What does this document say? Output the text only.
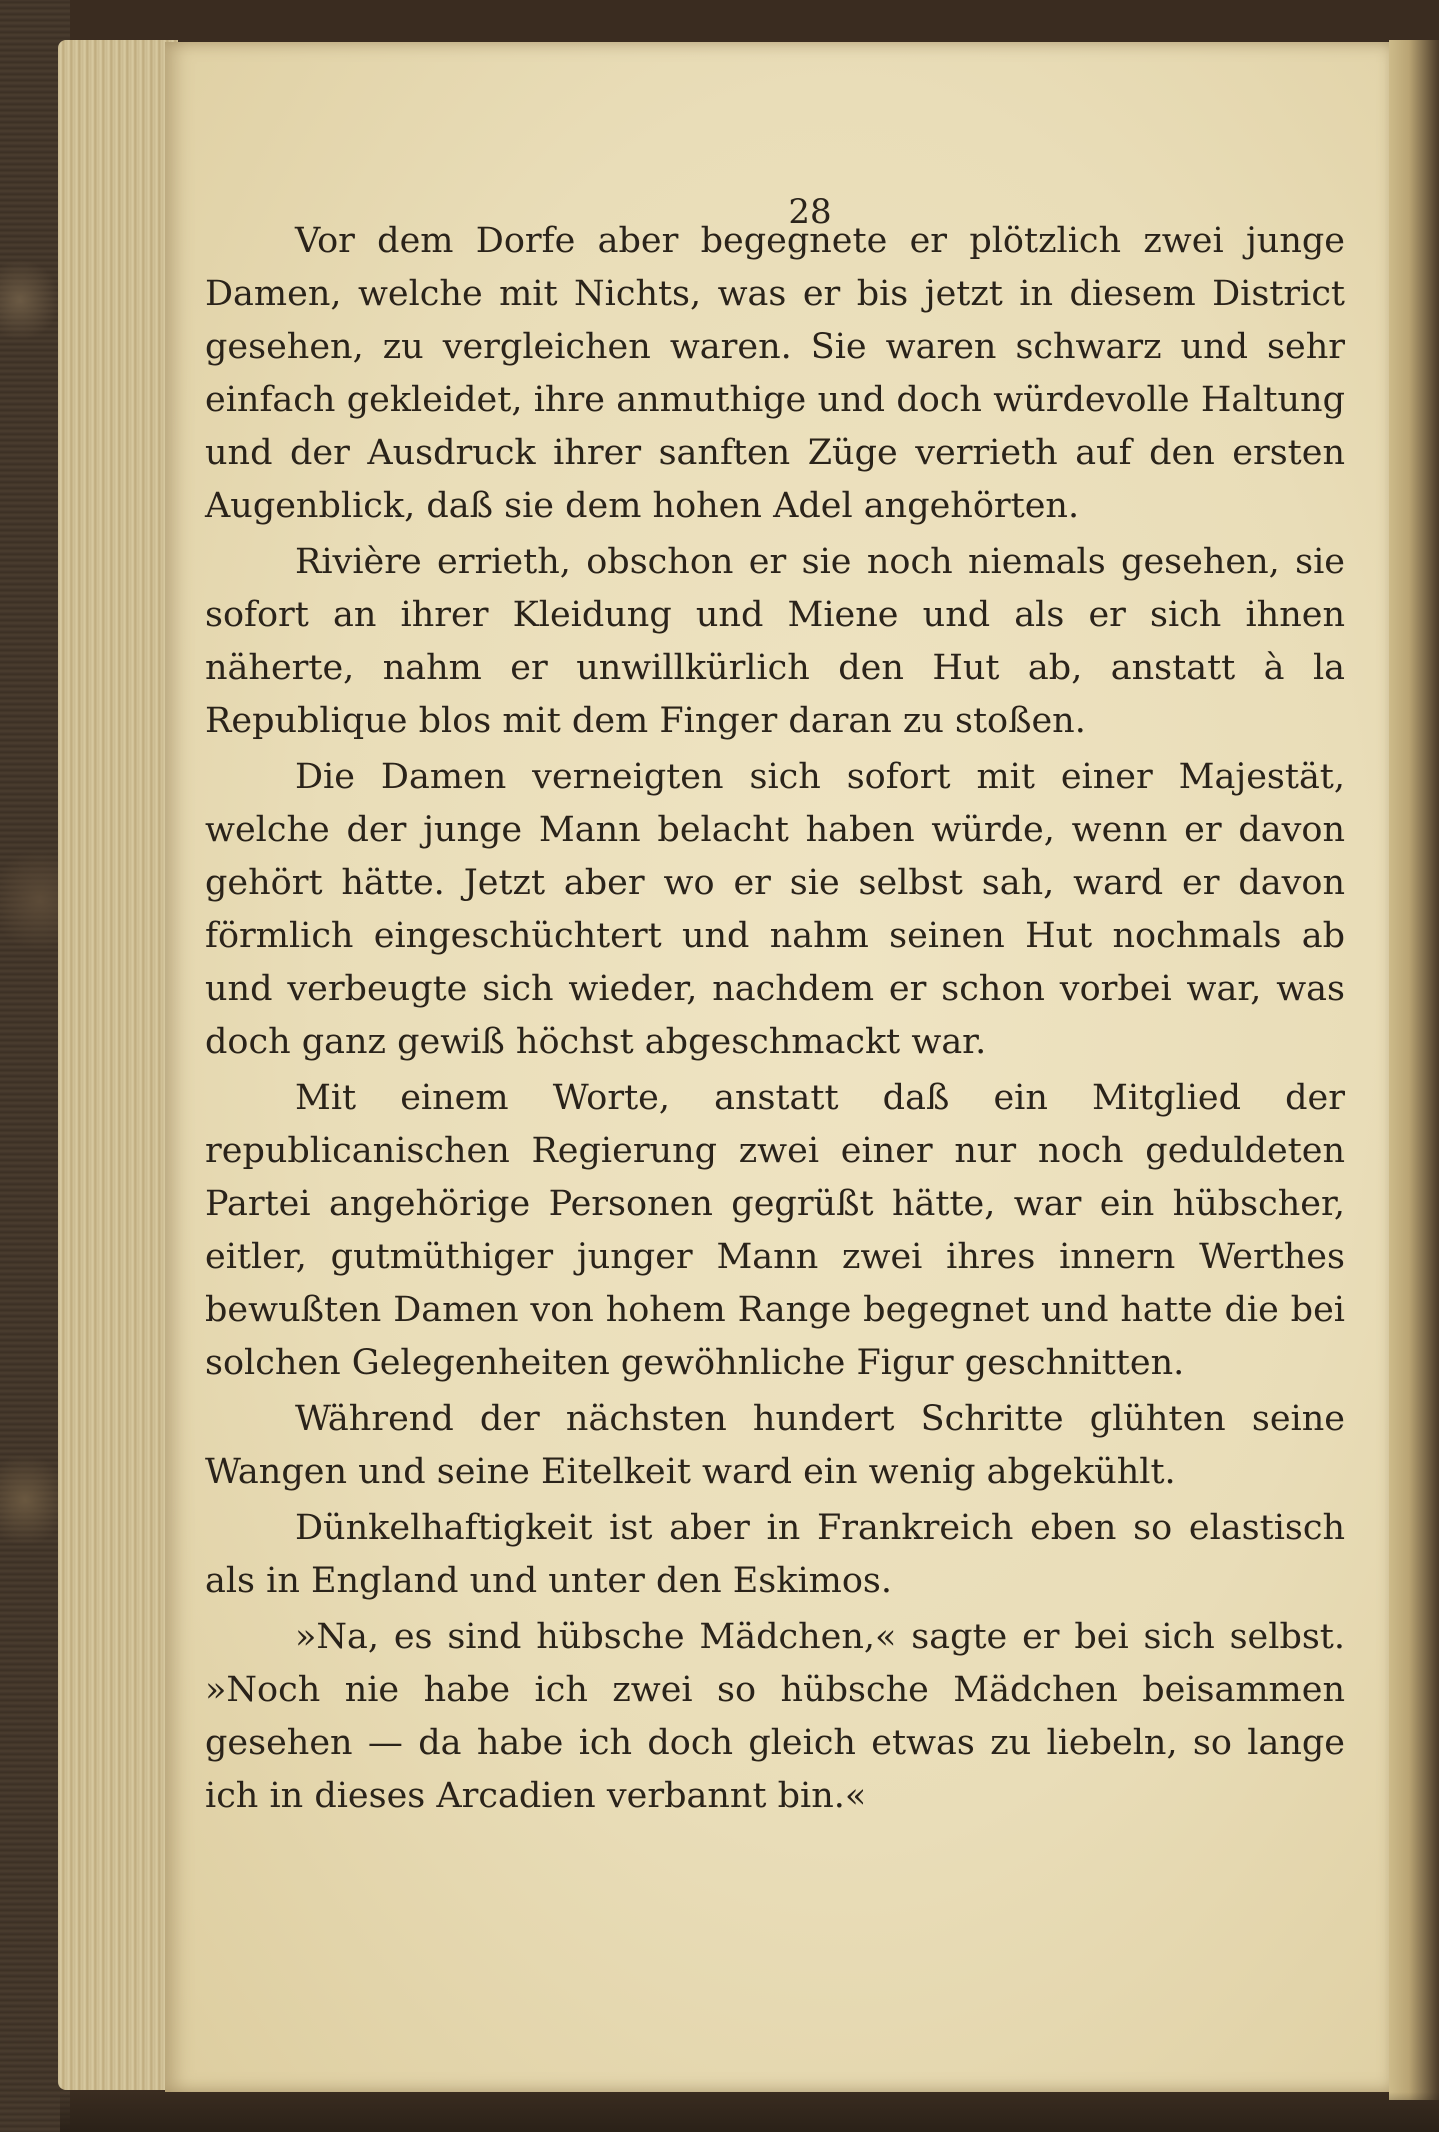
28

Vor dem Dorfe aber begegnete er plötzlich zwei junge Damen, welche mit Nichts, was er bis jetzt in diesem District gesehen, zu vergleichen waren. Sie waren schwarz und sehr einfach gekleidet, ihre anmuthige und doch würdevolle Haltung und der Ausdruck ihrer sanften Züge verrieth auf den ersten Augenblick, daß sie dem hohen Adel angehörten.

Rivière errieth, obschon er sie noch niemals gesehen, sie sofort an ihrer Kleidung und Miene und als er sich ihnen näherte, nahm er unwillkürlich den Hut ab, anstatt à la Republique blos mit dem Finger daran zu stoßen.

Die Damen verneigten sich sofort mit einer Majestät, welche der junge Mann belacht haben würde, wenn er davon gehört hätte. Jetzt aber wo er sie selbst sah, ward er davon förmlich eingeschüchtert und nahm seinen Hut nochmals ab und verbeugte sich wieder, nachdem er schon vorbei war, was doch ganz gewiß höchst abgeschmackt war.

Mit einem Worte, anstatt daß ein Mitglied der republicanischen Regierung zwei einer nur noch geduldeten Partei angehörige Personen gegrüßt hätte, war ein hübscher, eitler, gutmüthiger junger Mann zwei ihres innern Werthes bewußten Damen von hohem Range begegnet und hatte die bei solchen Gelegenheiten gewöhnliche Figur geschnitten.

Während der nächsten hundert Schritte glühten seine Wangen und seine Eitelkeit ward ein wenig abgekühlt.

Dünkelhaftigkeit ist aber in Frankreich eben so elastisch als in England und unter den Eskimos.

»Na, es sind hübsche Mädchen,« sagte er bei sich selbst. »Noch nie habe ich zwei so hübsche Mädchen beisammen gesehen — da habe ich doch gleich etwas zu liebeln, so lange ich in dieses Arcadien verbannt bin.«
